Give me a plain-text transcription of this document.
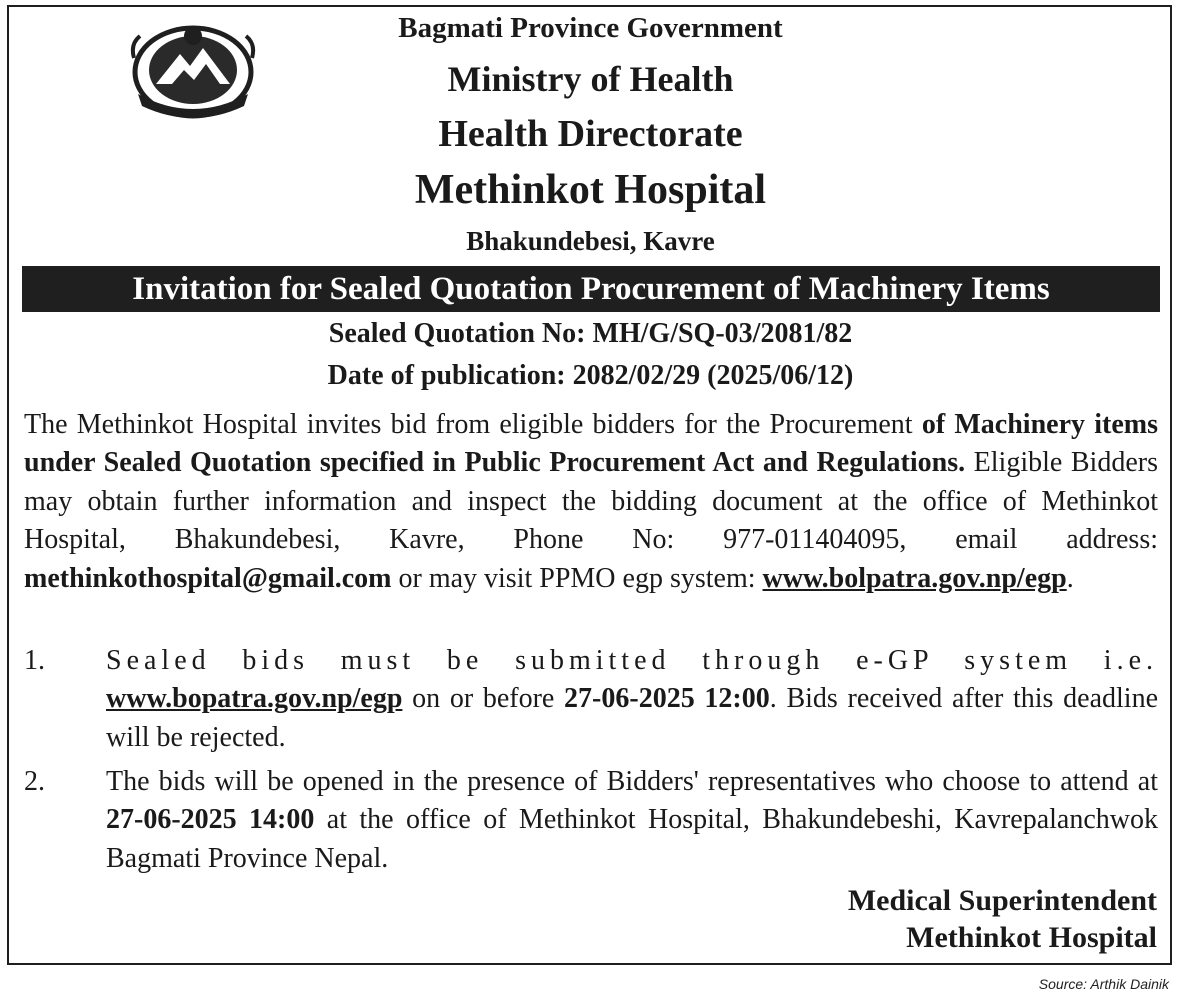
Bagmati Province Government
Ministry of Health
Health Directorate
Methinkot Hospital
Bhakundebesi, Kavre
Invitation for Sealed Quotation Procurement of Machinery Items
Sealed Quotation No: MH/G/SQ-03/2081/82
Date of publication: 2082/02/29 (2025/06/12)
The Methinkot Hospital invites bid from eligible bidders for the Procurement of Machinery items under Sealed Quotation specified in Public Procurement Act and Regulations. Eligible Bidders may obtain further information and inspect the bidding document at the office of Methinkot Hospital, Bhakundebesi, Kavre, Phone No: 977-011404095, email address: methinkothospital@gmail.com or may visit PPMO egp system: www.bolpatra.gov.np/egp.
1. Sealed bids must be submitted through e-GP system i.e. www.bopatra.gov.np/egp on or before 27-06-2025 12:00. Bids received after this deadline will be rejected.
2. The bids will be opened in the presence of Bidders' representatives who choose to attend at 27-06-2025 14:00 at the office of Methinkot Hospital, Bhakundebeshi, Kavrepalanchwok Bagmati Province Nepal.
Medical Superintendent
Methinkot Hospital
Source: Arthik Dainik
